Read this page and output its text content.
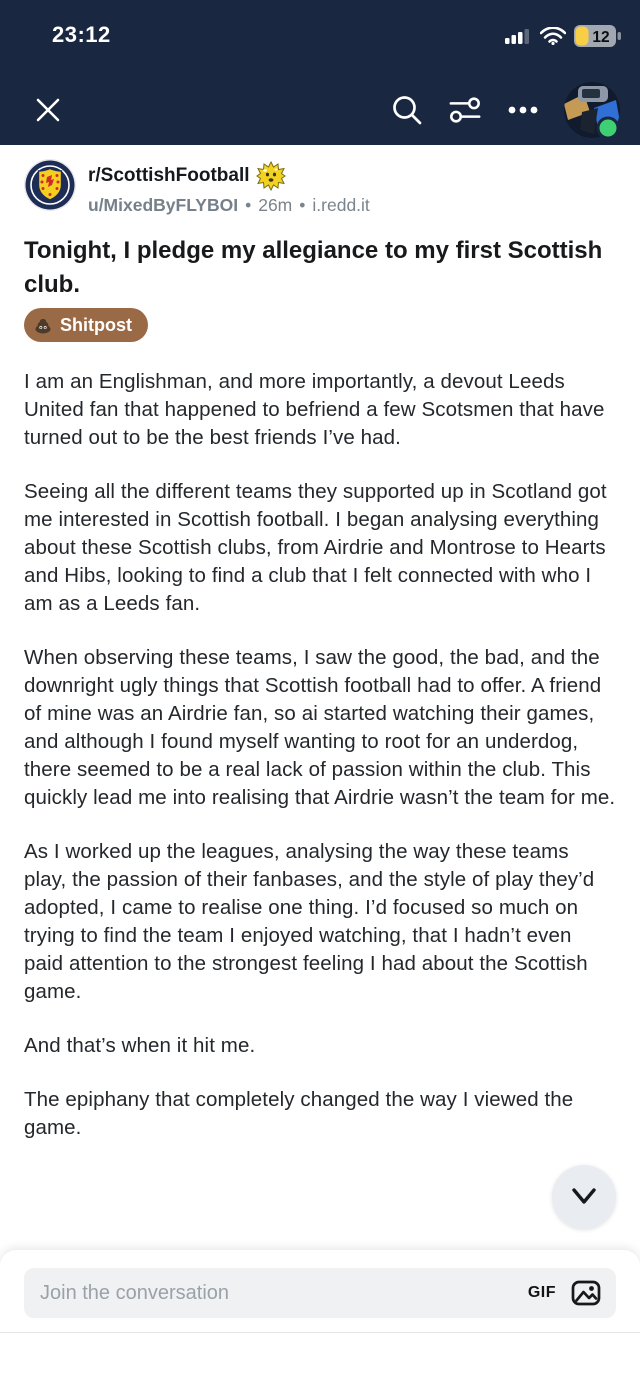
23:12	12
r/ScottishFootball
u/MixedByFLYBOI • 26m • i.redd.it
Tonight, I pledge my allegiance to my first Scottish club.
Shitpost

I am an Englishman, and more importantly, a devout Leeds United fan that happened to befriend a few Scotsmen that have turned out to be the best friends I’ve had.

Seeing all the different teams they supported up in Scotland got me interested in Scottish football. I began analysing everything about these Scottish clubs, from Airdrie and Montrose to Hearts and Hibs, looking to find a club that I felt connected with who I am as a Leeds fan.

When observing these teams, I saw the good, the bad, and the downright ugly things that Scottish football had to offer. A friend of mine was an Airdrie fan, so ai started watching their games, and although I found myself wanting to root for an underdog, there seemed to be a real lack of passion within the club. This quickly lead me into realising that Airdrie wasn’t the team for me.

As I worked up the leagues, analysing the way these teams play, the passion of their fanbases, and the style of play they’d adopted, I came to realise one thing. I’d focused so much on trying to find the team I enjoyed watching, that I hadn’t even paid attention to the strongest feeling I had about the Scottish game.

And that’s when it hit me.

The epiphany that completely changed the way I viewed the game.

Join the conversation
GIF
